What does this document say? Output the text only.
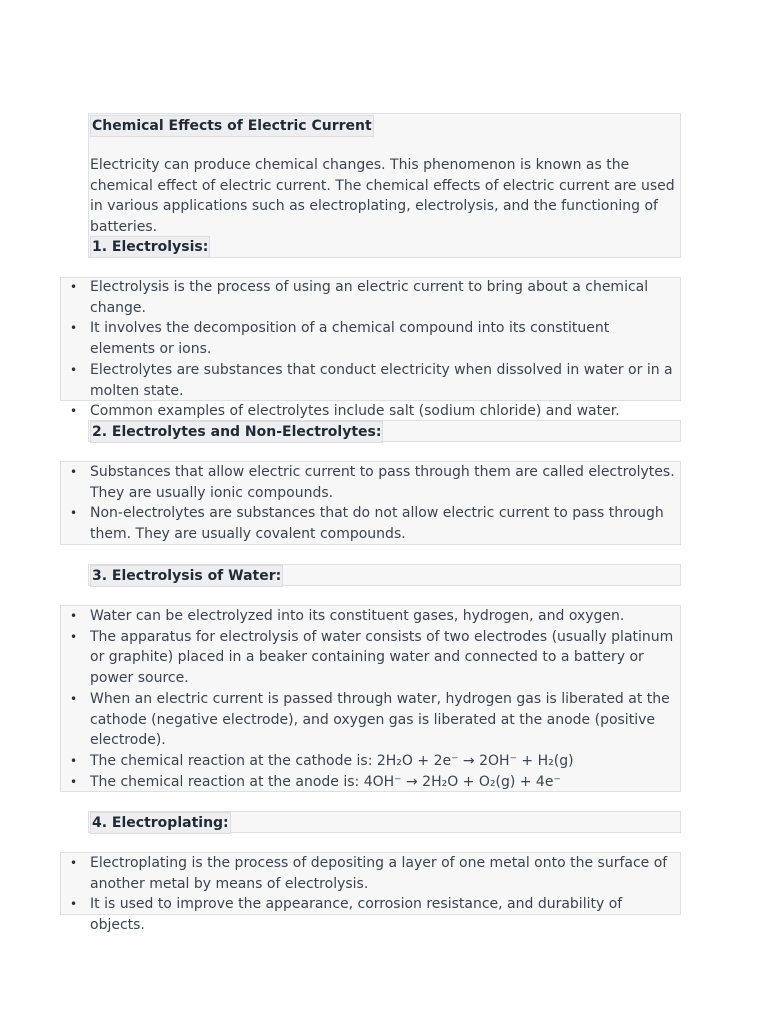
Chemical Effects of Electric Current
Electricity can produce chemical changes. This phenomenon is known as the chemical effect of electric current. The chemical effects of electric current are used in various applications such as electroplating, electrolysis, and the functioning of batteries.
1. Electrolysis:
• Electrolysis is the process of using an electric current to bring about a chemical change.
• It involves the decomposition of a chemical compound into its constituent elements or ions.
• Electrolytes are substances that conduct electricity when dissolved in water or in a molten state.
• Common examples of electrolytes include salt (sodium chloride) and water.
2. Electrolytes and Non-Electrolytes:
• Substances that allow electric current to pass through them are called electrolytes. They are usually ionic compounds.
• Non-electrolytes are substances that do not allow electric current to pass through them. They are usually covalent compounds.
3. Electrolysis of Water:
• Water can be electrolyzed into its constituent gases, hydrogen, and oxygen.
• The apparatus for electrolysis of water consists of two electrodes (usually platinum or graphite) placed in a beaker containing water and connected to a battery or power source.
• When an electric current is passed through water, hydrogen gas is liberated at the cathode (negative electrode), and oxygen gas is liberated at the anode (positive electrode).
• The chemical reaction at the cathode is: 2H₂O + 2e⁻ → 2OH⁻ + H₂(g)
• The chemical reaction at the anode is: 4OH⁻ → 2H₂O + O₂(g) + 4e⁻
4. Electroplating:
• Electroplating is the process of depositing a layer of one metal onto the surface of another metal by means of electrolysis.
• It is used to improve the appearance, corrosion resistance, and durability of objects.
